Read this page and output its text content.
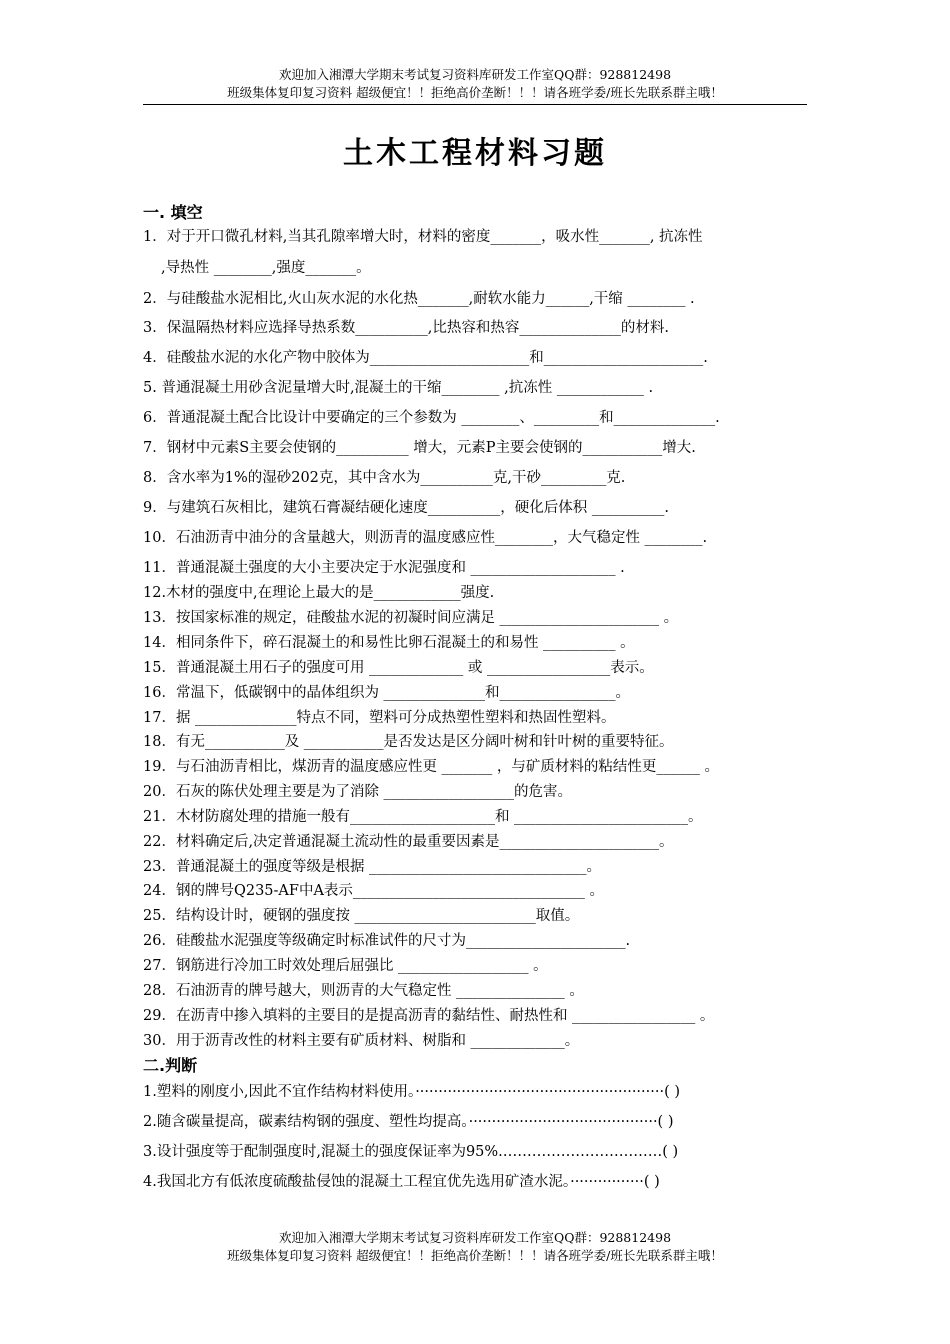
欢迎加入湘潭大学期末考试复习资料库研发工作室QQ群：928812498
班级集体复印复习资料 超级便宜！！拒绝高价垄断！！！请各班学委/班长先联系群主哦！
土木工程材料习题
一. 填空
1．对于开口微孔材料,当其孔隙率增大时，材料的密度_______，吸水性_______, 抗冻性
,导热性 ________,强度_______。
2．与硅酸盐水泥相比,火山灰水泥的水化热_______,耐软水能力______,干缩 ________ .
3．保温隔热材料应选择导热系数__________,比热容和热容______________的材料.
4．硅酸盐水泥的水化产物中胶体为______________________和______________________.
5. 普通混凝土用砂含泥量增大时,混凝土的干缩________ ,抗冻性 ____________ .
6．普通混凝土配合比设计中要确定的三个参数为 ________、_________和______________.
7．钢材中元素S主要会使钢的__________ 增大，元素P主要会使钢的___________增大.
8．含水率为1%的湿砂202克，其中含水为__________克,干砂_________克.
9．与建筑石灰相比，建筑石膏凝结硬化速度__________，硬化后体积 __________.
10．石油沥青中油分的含量越大，则沥青的温度感应性________，大气稳定性 ________.
11．普通混凝土强度的大小主要决定于水泥强度和 ____________________ .
12.木材的强度中,在理论上最大的是____________强度.
13．按国家标准的规定，硅酸盐水泥的初凝时间应满足 ______________________ 。
14．相同条件下，碎石混凝土的和易性比卵石混凝土的和易性 __________ 。
15．普通混凝土用石子的强度可用 _____________ 或 _________________表示。
16．常温下，低碳钢中的晶体组织为 ______________和________________。
17．据 ______________特点不同，塑料可分成热塑性塑料和热固性塑料。
18．有无___________及 ___________是否发达是区分阔叶树和针叶树的重要特征。
19．与石油沥青相比，煤沥青的温度感应性更 _______ ，与矿质材料的粘结性更______ 。
20．石灰的陈伏处理主要是为了消除 __________________的危害。
21．木材防腐处理的措施一般有____________________和 ________________________。
22．材料确定后,决定普通混凝土流动性的最重要因素是______________________。
23．普通混凝土的强度等级是根据 ______________________________。
24．钢的牌号Q235-AF中A表示________________________________ 。
25．结构设计时，硬钢的强度按 _________________________取值。
26．硅酸盐水泥强度等级确定时标准试件的尺寸为______________________.
27．钢筋进行冷加工时效处理后屈强比 __________________ 。
28．石油沥青的牌号越大，则沥青的大气稳定性 _______________ 。
29．在沥青中掺入填料的主要目的是提高沥青的黏结性、耐热性和 _________________ 。
30．用于沥青改性的材料主要有矿质材料、树脂和 _____________。
二.判断
1.塑料的刚度小,因此不宜作结构材料使用。······················································( )
2.随含碳量提高，碳素结构钢的强度、塑性均提高。·········································( )
3.设计强度等于配制强度时,混凝土的强度保证率为95%.……………………………( )
4.我国北方有低浓度硫酸盐侵蚀的混凝土工程宜优先选用矿渣水泥。················( )
欢迎加入湘潭大学期末考试复习资料库研发工作室QQ群：928812498
班级集体复印复习资料 超级便宜！！拒绝高价垄断！！！请各班学委/班长先联系群主哦！
